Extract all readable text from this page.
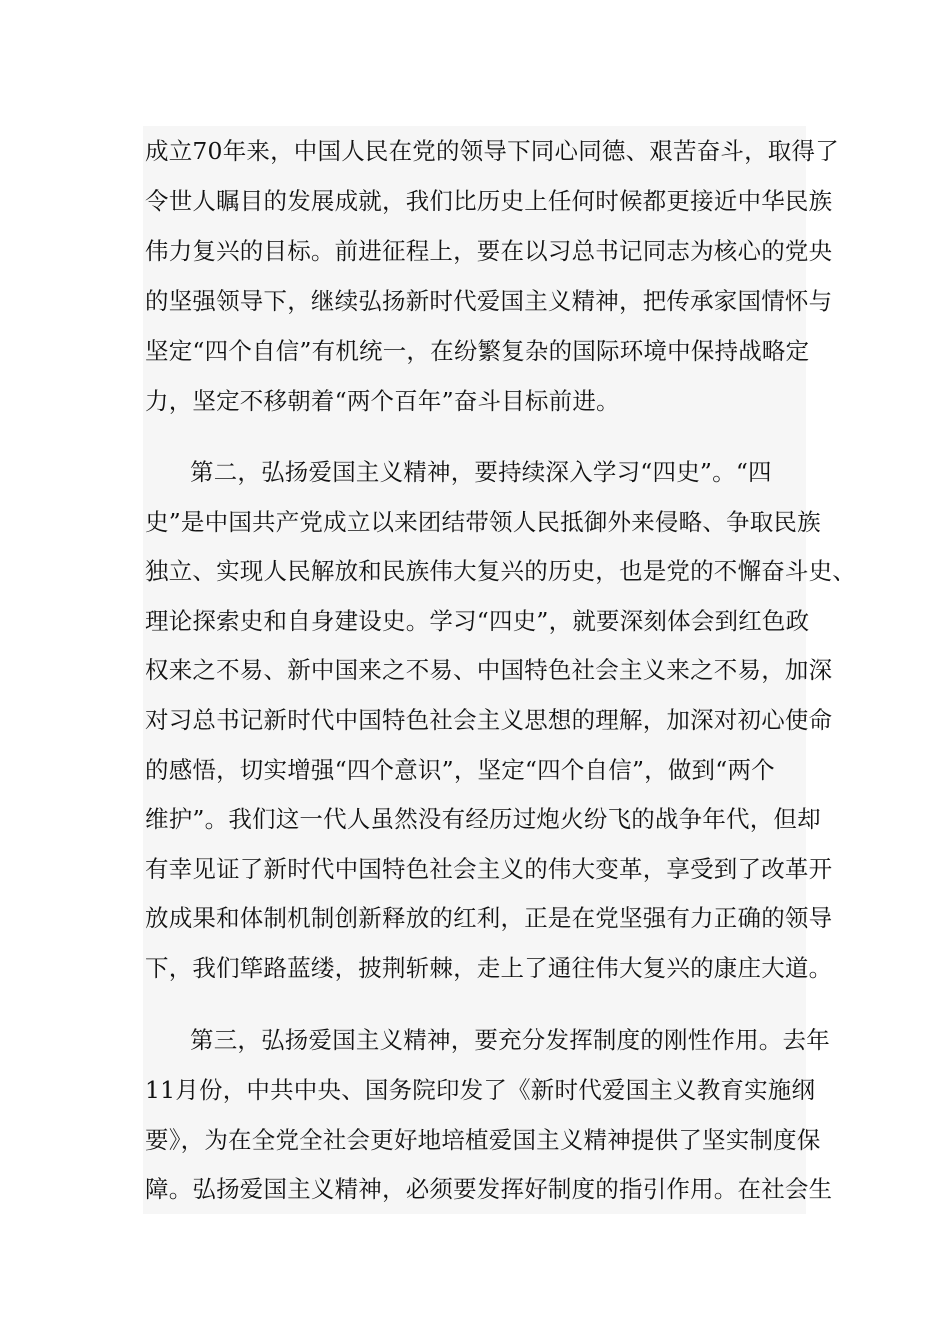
成立70年来，中国人民在党的领导下同心同德、艰苦奋斗，取得了
令世人瞩目的发展成就，我们比历史上任何时候都更接近中华民族
伟力复兴的目标。前进征程上，要在以习总书记同志为核心的党央
的坚强领导下，继续弘扬新时代爱国主义精神，把传承家国情怀与
坚定“四个自信”有机统一，在纷繁复杂的国际环境中保持战略定
力，坚定不移朝着“两个百年”奋斗目标前进。
第二，弘扬爱国主义精神，要持续深入学习“四史”。“四
史”是中国共产党成立以来团结带领人民抵御外来侵略、争取民族
独立、实现人民解放和民族伟大复兴的历史，也是党的不懈奋斗史、
理论探索史和自身建设史。学习“四史”，就要深刻体会到红色政
权来之不易、新中国来之不易、中国特色社会主义来之不易，加深
对习总书记新时代中国特色社会主义思想的理解，加深对初心使命
的感悟，切实增强“四个意识”，坚定“四个自信”，做到“两个
维护”。我们这一代人虽然没有经历过炮火纷飞的战争年代，但却
有幸见证了新时代中国特色社会主义的伟大变革，享受到了改革开
放成果和体制机制创新释放的红利，正是在党坚强有力正确的领导
下，我们筚路蓝缕，披荆斩棘，走上了通往伟大复兴的康庄大道。
第三，弘扬爱国主义精神，要充分发挥制度的刚性作用。去年
11月份，中共中央、国务院印发了《新时代爱国主义教育实施纲
要》，为在全党全社会更好地培植爱国主义精神提供了坚实制度保
障。弘扬爱国主义精神，必须要发挥好制度的指引作用。在社会生
